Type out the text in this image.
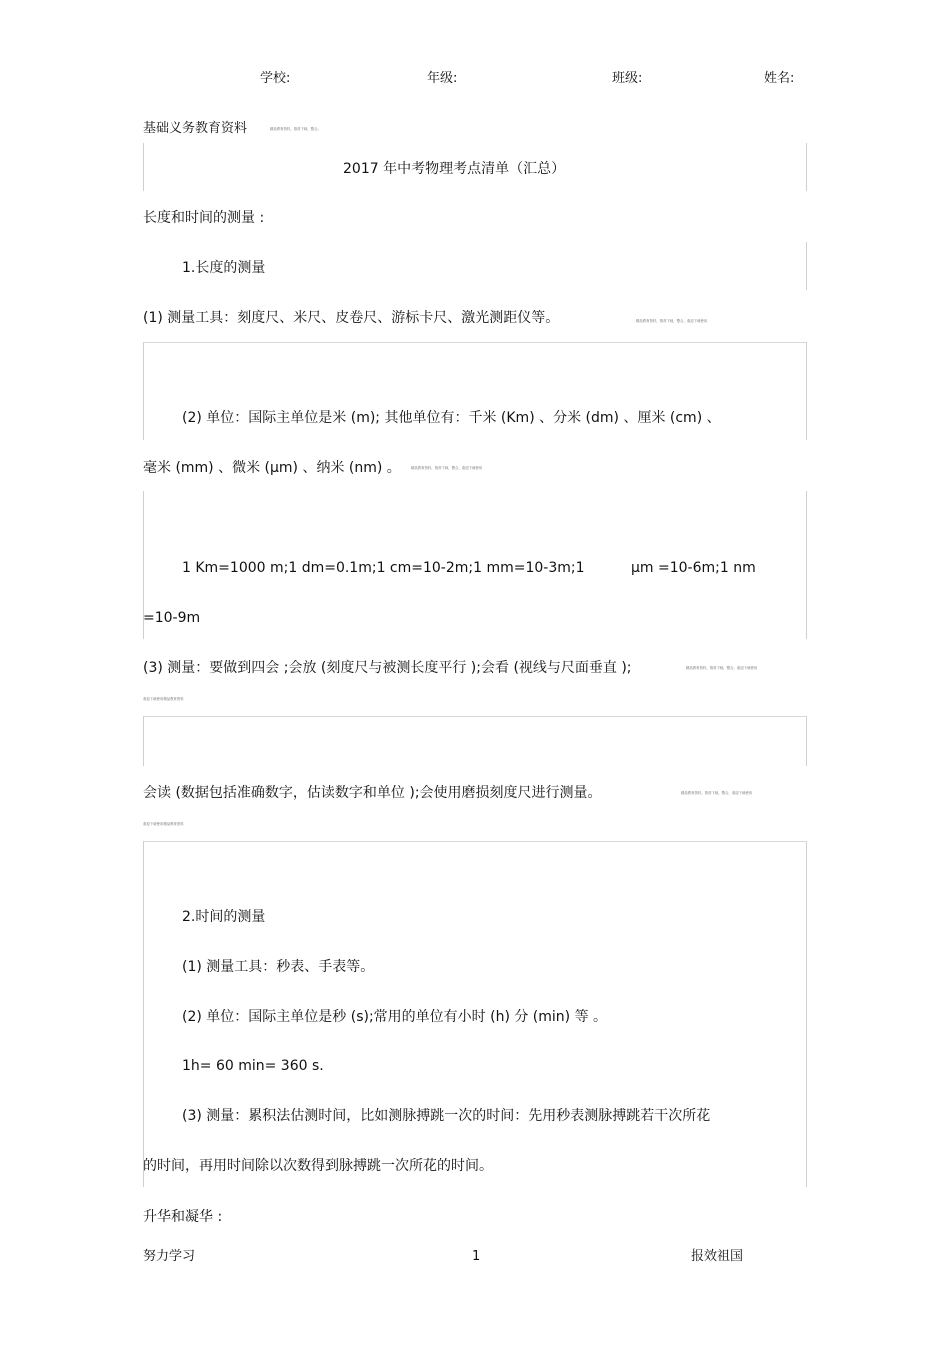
学校:	年级:	班级:	姓名:
基础义务教育资料	精品教育资料，推荐下载，整合。
2017 年中考物理考点清单（汇总）
长度和时间的测量 :
1.长度的测量
(1) 测量工具：刻度尺、米尺、皮卷尺、游标卡尺、激光测距仪等。	精品教育资料，推荐下载，整合，欢迎下载使用
(2) 单位：国际主单位是米 (m); 其他单位有：千米 (Km) 、分米 (dm) 、厘米 (cm) 、
毫米 (mm) 、微米 (μm) 、纳米 (nm) 。	精品教育资料，推荐下载，整合，欢迎下载使用
1 Km=1000 m;1 dm=0.1m;1 cm=10-2m;1 mm=10-3m;1	μm =10-6m;1 nm
=10-9m
(3) 测量：要做到四会 ;会放 (刻度尺与被测长度平行 );会看 (视线与尺面垂直 );	精品教育资料，推荐下载，整合，欢迎下载使用
欢迎下载使用精品教育资料
会读 (数据包括准确数字，估读数字和单位 );会使用磨损刻度尺进行测量。	精品教育资料，推荐下载，整合，欢迎下载使用
欢迎下载使用精品教育资料
2.时间的测量
(1) 测量工具：秒表、手表等。
(2) 单位：国际主单位是秒 (s);常用的单位有小时 (h) 分 (min) 等 。
1h= 60 min= 360 s.
(3) 测量：累积法估测时间，比如测脉搏跳一次的时间：先用秒表测脉搏跳若干次所花
的时间，再用时间除以次数得到脉搏跳一次所花的时间。
升华和凝华 :
努力学习	1	报效祖国
